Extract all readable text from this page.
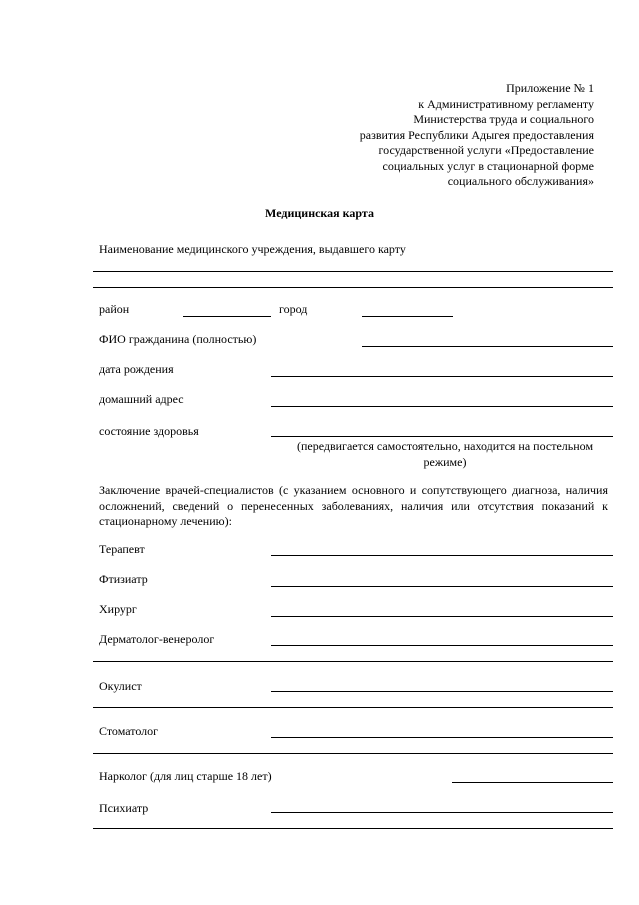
Приложение № 1
к Административному регламенту
Министерства труда и социального
развития Республики Адыгея предоставления
государственной услуги «Предоставление
социальных услуг в стационарной форме
социального обслуживания»
Медицинская карта
Наименование медицинского учреждения, выдавшего карту
район	город
ФИО гражданина (полностью)
дата рождения
домашний адрес
состояние здоровья
(передвигается самостоятельно, находится на постельном
режиме)
Заключение врачей-специалистов (с указанием основного и сопутствующего диагноза, наличия осложнений, сведений о перенесенных заболеваниях, наличия или отсутствия показаний к стационарному лечению):
Терапевт
Фтизиатр
Хирург
Дерматолог-венеролог
Окулист
Стоматолог
Нарколог (для лиц старше 18 лет)
Психиатр
